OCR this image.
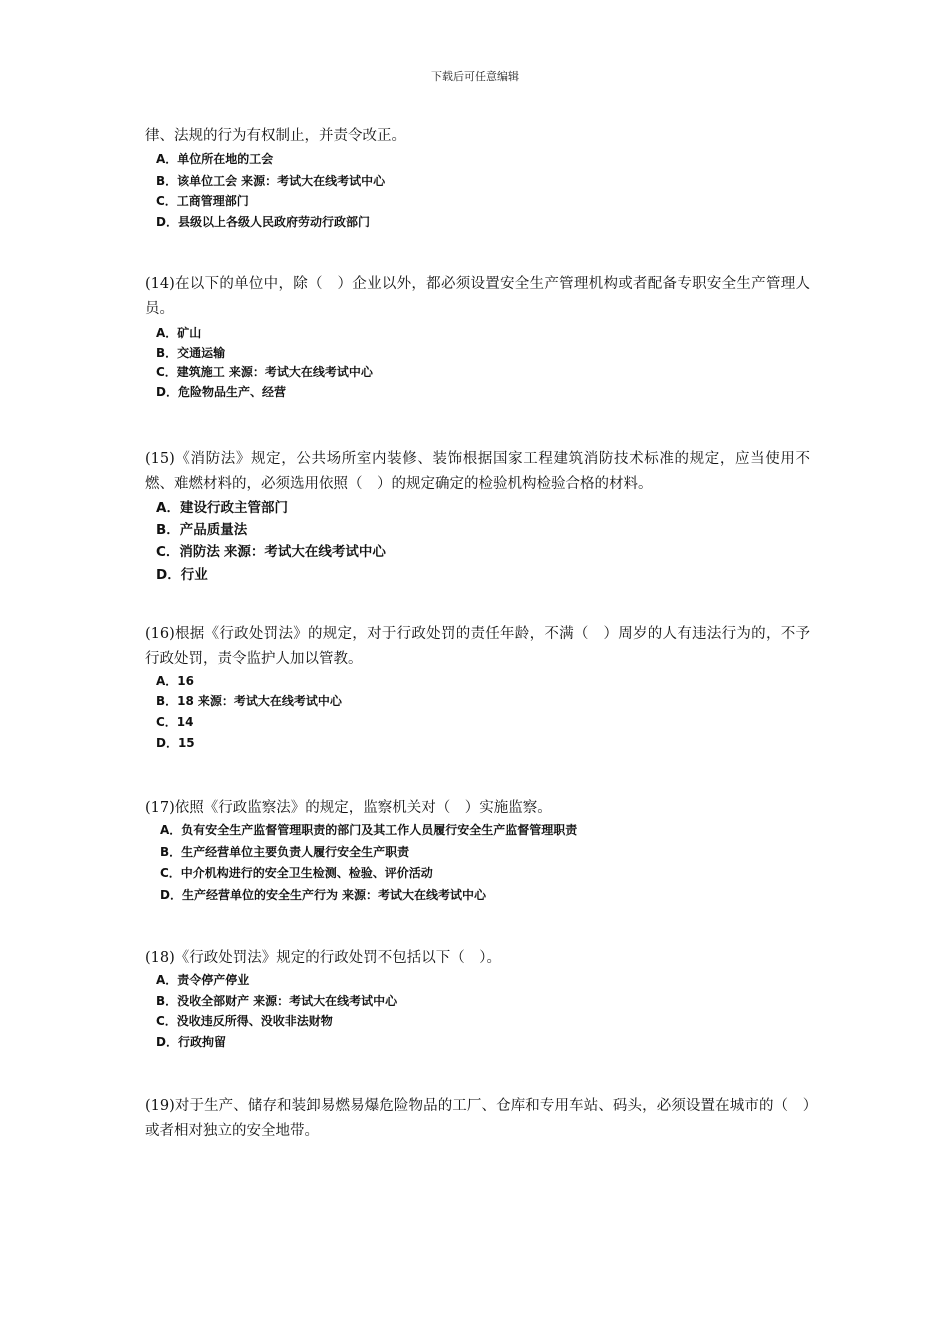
下载后可任意编辑
律、法规的行为有权制止，并责令改正。
A．单位所在地的工会
B．该单位工会 来源：考试大在线考试中心
C．工商管理部门
D．县级以上各级人民政府劳动行政部门
(14)在以下的单位中，除（　）企业以外，都必须设置安全生产管理机构或者配备专职安全生产管理人员。
A．矿山
B．交通运输
C．建筑施工 来源：考试大在线考试中心
D．危险物品生产、经营
(15)《消防法》规定，公共场所室内装修、装饰根据国家工程建筑消防技术标准的规定，应当使用不燃、难燃材料的，必须选用依照（　）的规定确定的检验机构检验合格的材料。
A．建设行政主管部门
B．产品质量法
C．消防法 来源：考试大在线考试中心
D．行业
(16)根据《行政处罚法》的规定，对于行政处罚的责任年龄，不满（　）周岁的人有违法行为的，不予行政处罚，责令监护人加以管教。
A．16
B．18 来源：考试大在线考试中心
C．14
D．15
(17)依照《行政监察法》的规定，监察机关对（　）实施监察。
A．负有安全生产监督管理职责的部门及其工作人员履行安全生产监督管理职责
B．生产经营单位主要负责人履行安全生产职责
C．中介机构进行的安全卫生检测、检验、评价活动
D．生产经营单位的安全生产行为 来源：考试大在线考试中心
(18)《行政处罚法》规定的行政处罚不包括以下（　）。
A．责令停产停业
B．没收全部财产 来源：考试大在线考试中心
C．没收违反所得、没收非法财物
D．行政拘留
(19)对于生产、储存和装卸易燃易爆危险物品的工厂、仓库和专用车站、码头，必须设置在城市的（　）或者相对独立的安全地带。
